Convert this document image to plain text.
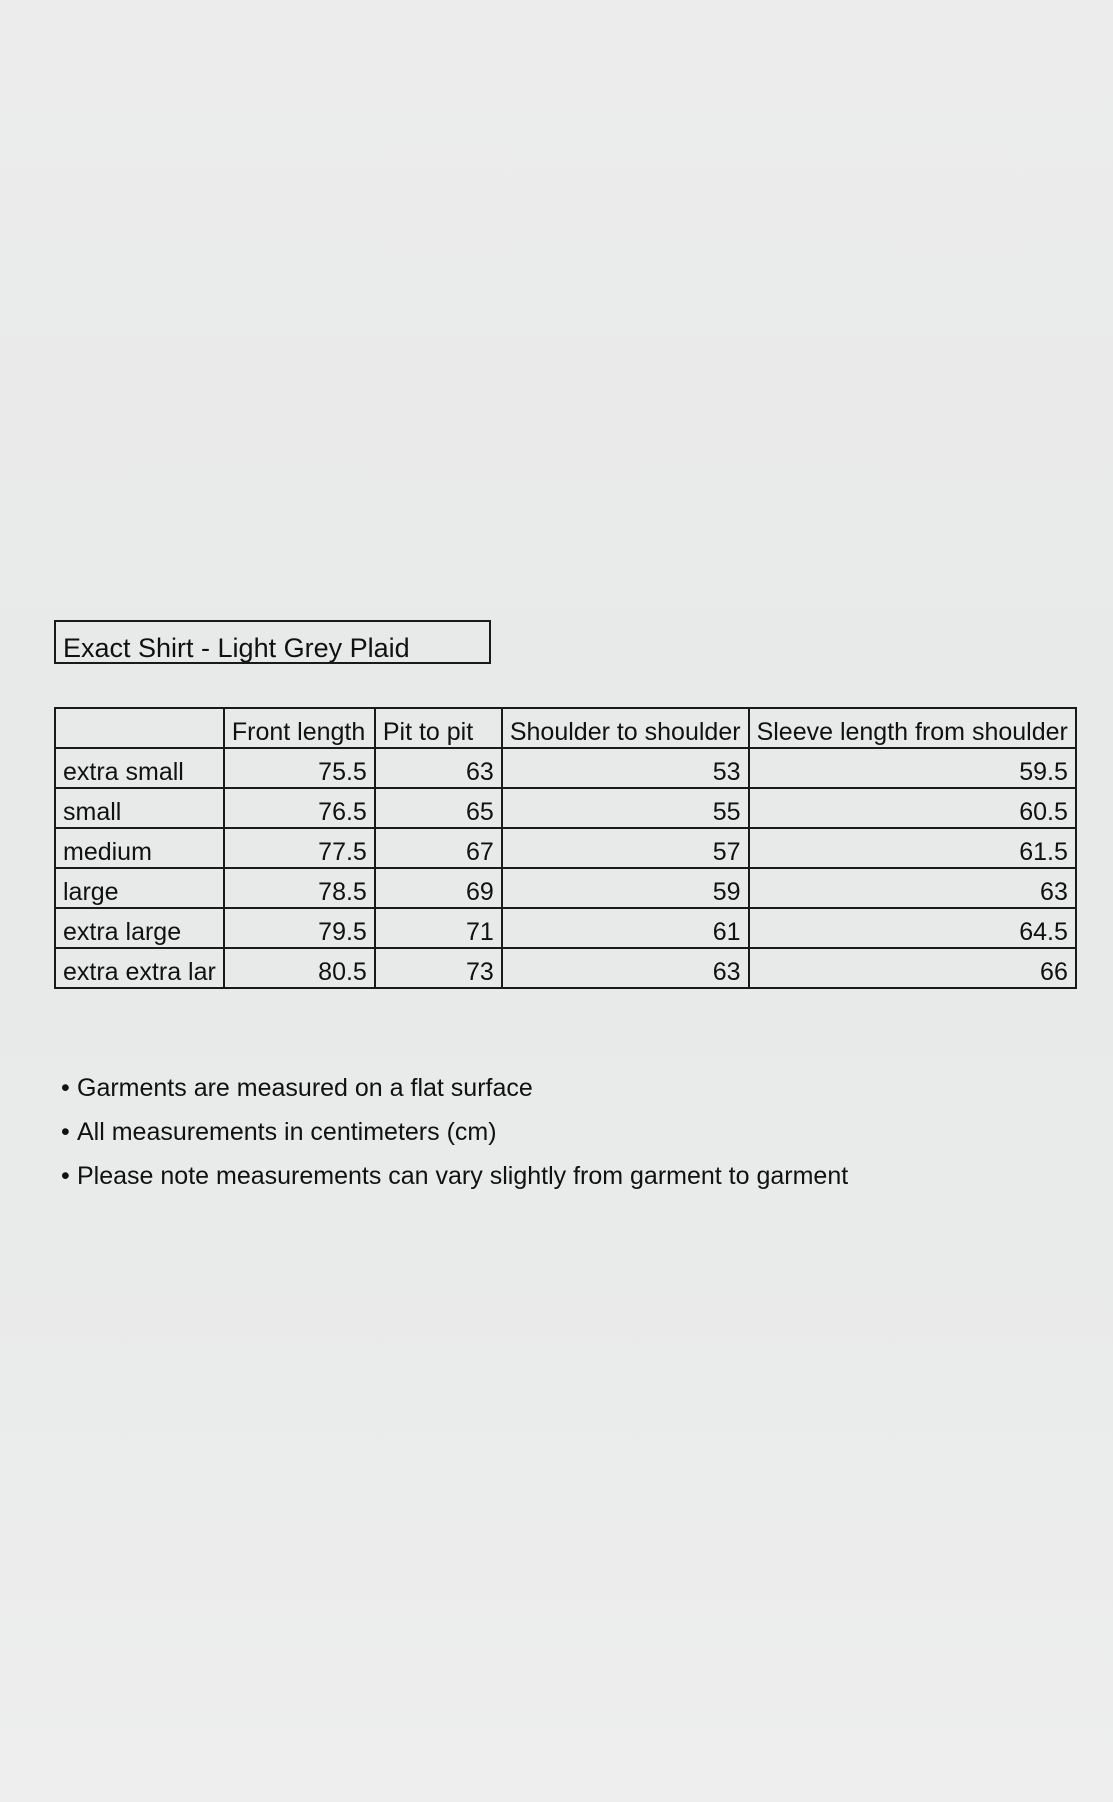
Exact Shirt - Light Grey Plaid
	Front length	Pit to pit	Shoulder to shoulder	Sleeve length from shoulder
extra small	75.5	63	53	59.5
small	76.5	65	55	60.5
medium	77.5	67	57	61.5
large	78.5	69	59	63
extra large	79.5	71	61	64.5
extra extra lar	80.5	73	63	66
• Garments are measured on a flat surface
• All measurements in centimeters (cm)
• Please note measurements can vary slightly from garment to garment
